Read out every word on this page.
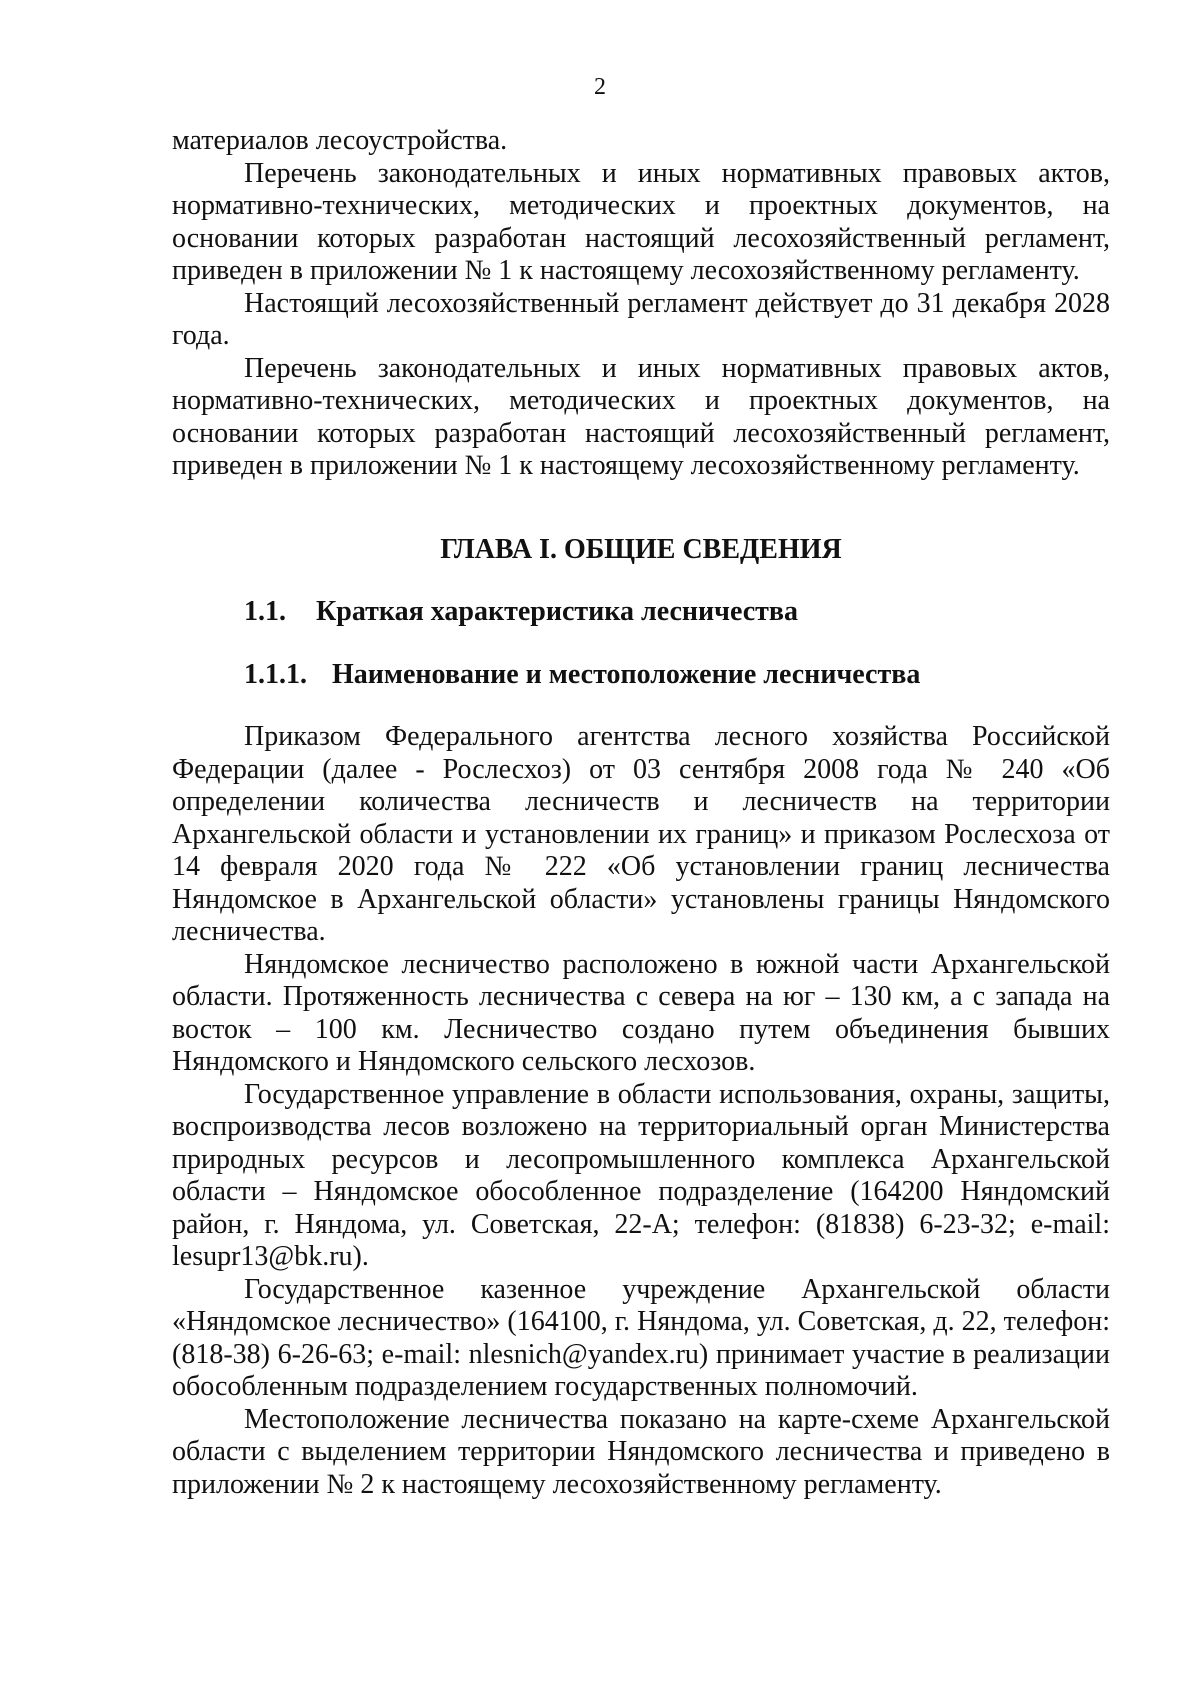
2

материалов лесоустройства.

Перечень законодательных и иных нормативных правовых актов, нормативно-технических, методических и проектных документов, на основании которых разработан настоящий лесохозяйственный регламент, приведен в приложении № 1 к настоящему лесохозяйственному регламенту.

Настоящий лесохозяйственный регламент действует до 31 декабря 2028 года.

Перечень законодательных и иных нормативных правовых актов, нормативно-технических, методических и проектных документов, на основании которых разработан настоящий лесохозяйственный регламент, приведен в приложении № 1 к настоящему лесохозяйственному регламенту.

ГЛАВА I. ОБЩИЕ СВЕДЕНИЯ
1.1.	Краткая характеристика лесничества
1.1.1. Наименование и местоположение лесничества

Приказом Федерального агентства лесного хозяйства Российской Федерации (далее - Рослесхоз) от 03 сентября 2008 года № 240 «Об определении количества лесничеств и лесничеств на территории Архангельской области и установлении их границ» и приказом Рослесхоза от 14 февраля 2020 года № 222 «Об установлении границ лесничества Няндомское в Архангельской области» установлены границы Няндомского лесничества.

Няндомское лесничество расположено в южной части Архангельской области. Протяженность лесничества с севера на юг – 130 км, а с запада на восток – 100 км. Лесничество создано путем объединения бывших Няндомского и Няндомского сельского лесхозов.

Государственное управление в области использования, охраны, защиты, воспроизводства лесов возложено на территориальный орган Министерства природных ресурсов и лесопромышленного комплекса Архангельской области – Няндомское обособленное подразделение (164200 Няндомский район, г. Няндома, ул. Советская, 22-А; телефон: (81838) 6-23-32; e-mail: lesupr13@bk.ru).

Государственное казенное учреждение Архангельской области «Няндомское лесничество» (164100, г. Няндома, ул. Советская, д. 22, телефон: (818-38) 6-26-63; e-mail: nlesnich@yandex.ru) принимает участие в реализации обособленным подразделением государственных полномочий.

Местоположение лесничества показано на карте-схеме Архангельской области с выделением территории Няндомского лесничества и приведено в приложении № 2 к настоящему лесохозяйственному регламенту.
